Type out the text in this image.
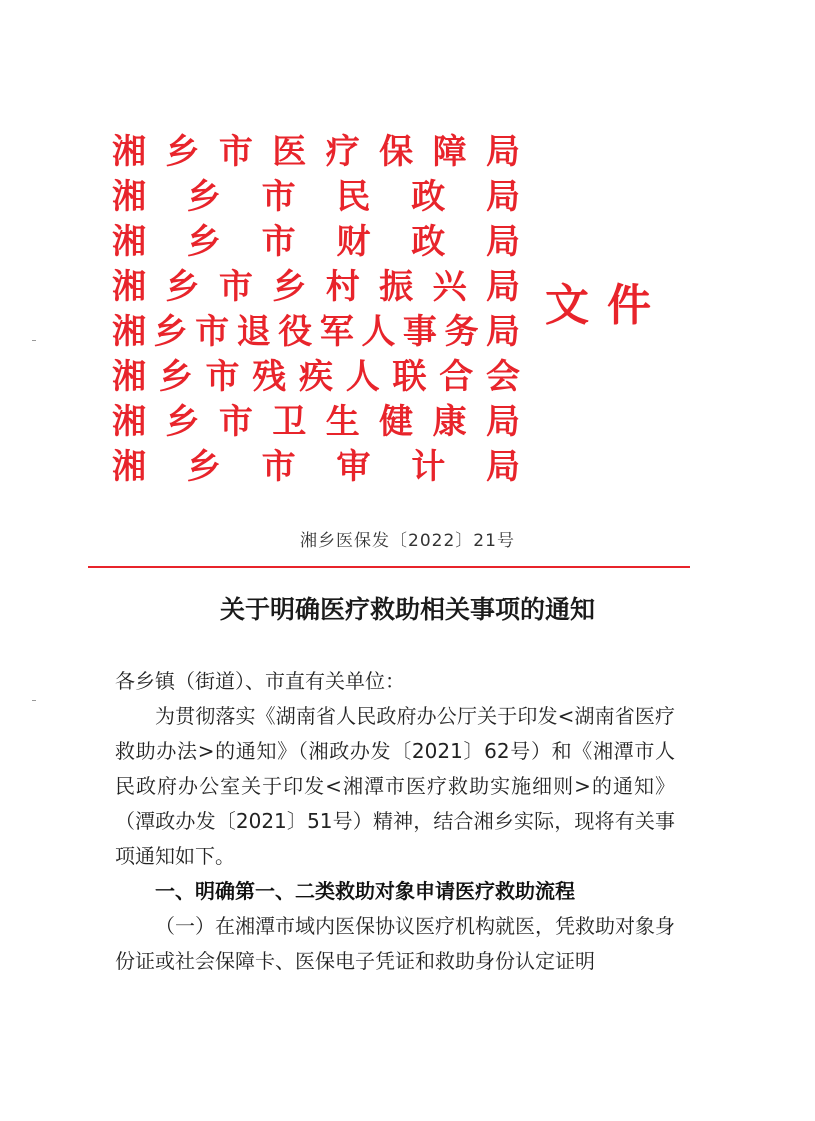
湘乡市医疗保障局
湘乡市民政局
湘乡市财政局
湘乡市乡村振兴局
湘乡市退役军人事务局
湘乡市残疾人联合会
湘乡市卫生健康局
湘乡市审计局
文件
湘乡医保发〔2022〕21号
关于明确医疗救助相关事项的通知

各乡镇（街道）、市直有关单位：

为贯彻落实《湖南省人民政府办公厅关于印发<湖南省医疗救助办法>的通知》（湘政办发〔2021〕62号）和《湘潭市人民政府办公室关于印发<湘潭市医疗救助实施细则>的通知》（潭政办发〔2021〕51号）精神，结合湘乡实际，现将有关事项通知如下。

一、明确第一、二类救助对象申请医疗救助流程

（一）在湘潭市域内医保协议医疗机构就医，凭救助对象身份证或社会保障卡、医保电子凭证和救助身份认定证明
